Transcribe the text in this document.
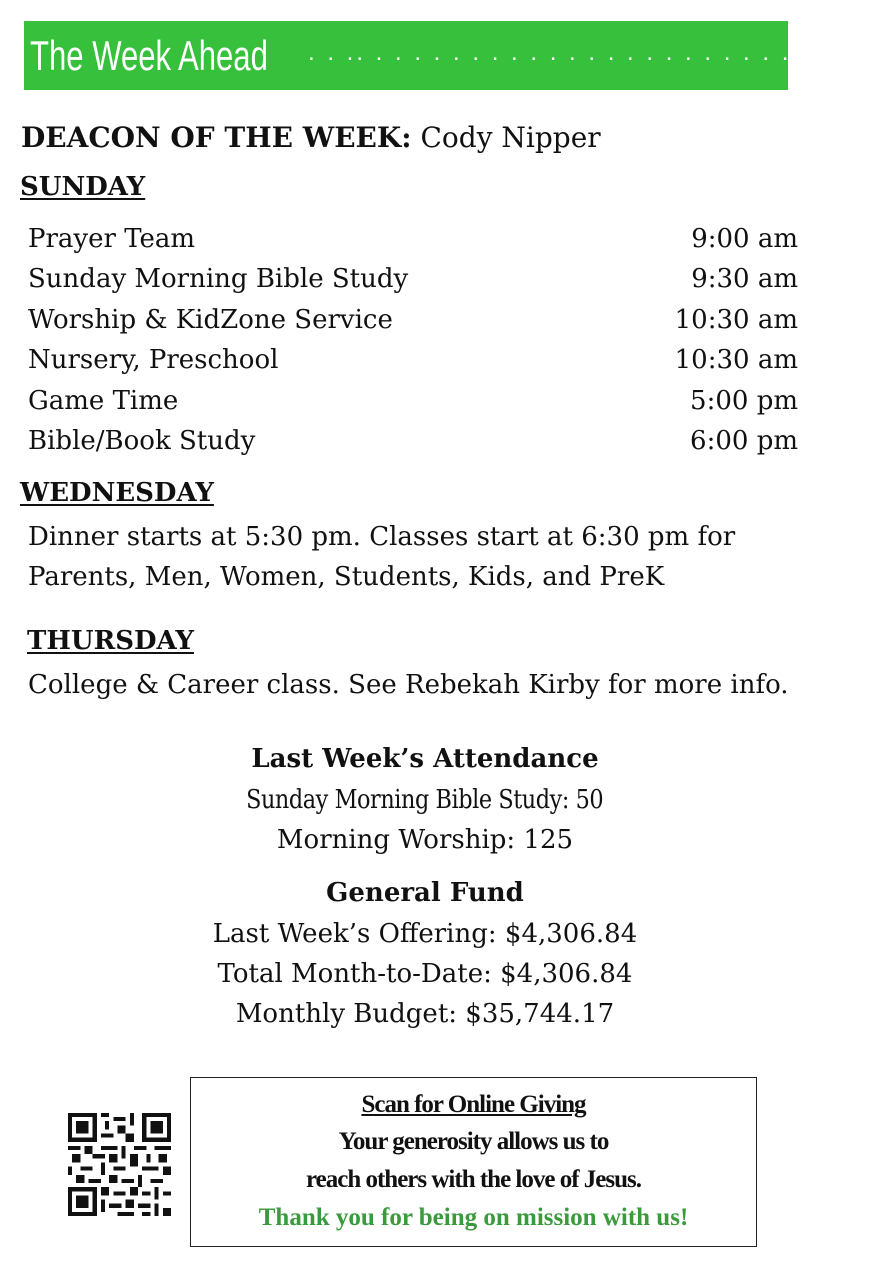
The Week Ahead . . .. . . . . . . . . . . . . . . . . . . . . . . . . . .
DEACON OF THE WEEK: Cody Nipper
SUNDAY
Prayer Team	9:00 am
Sunday Morning Bible Study	9:30 am
Worship & KidZone Service	10:30 am
Nursery, Preschool	10:30 am
Game Time	5:00 pm
Bible/Book Study	6:00 pm
WEDNESDAY
Dinner starts at 5:30 pm. Classes start at 6:30 pm for
Parents, Men, Women, Students, Kids, and PreK
THURSDAY
College & Career class. See Rebekah Kirby for more info.
Last Week’s Attendance
Sunday Morning Bible Study: 50
Morning Worship: 125
General Fund
Last Week’s Offering: $4,306.84
Total Month-to-Date: $4,306.84
Monthly Budget: $35,744.17
Scan for Online Giving
Your generosity allows us to
reach others with the love of Jesus.
Thank you for being on mission with us!
